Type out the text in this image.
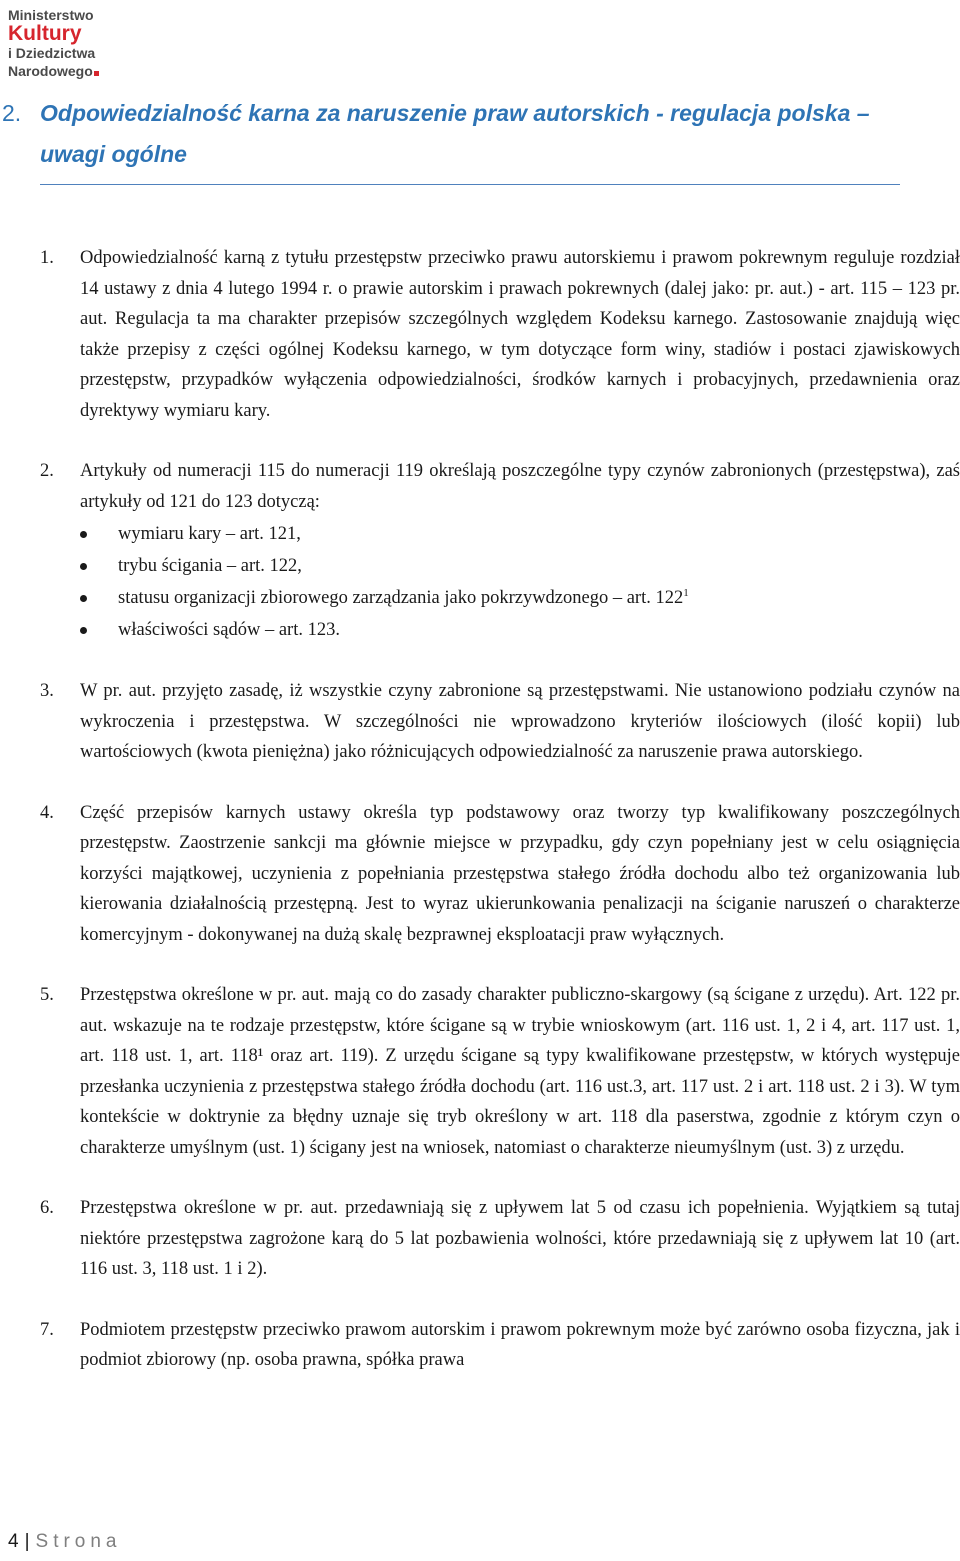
Ministerstwo
Kultury
i Dziedzictwa
Narodowego
2. Odpowiedzialność karna za naruszenie praw autorskich - regulacja polska – uwagi ogólne
1. Odpowiedzialność karną z tytułu przestępstw przeciwko prawu autorskiemu i prawom pokrewnym reguluje rozdział 14 ustawy z dnia 4 lutego 1994 r. o prawie autorskim i prawach pokrewnych (dalej jako: pr. aut.) - art. 115 – 123 pr. aut. Regulacja ta ma charakter przepisów szczególnych względem Kodeksu karnego. Zastosowanie znajdują więc także przepisy z części ogólnej Kodeksu karnego, w tym dotyczące form winy, stadiów i postaci zjawiskowych przestępstw, przypadków wyłączenia odpowiedzialności, środków karnych i probacyjnych, przedawnienia oraz dyrektywy wymiaru kary.

2. Artykuły od numeracji 115 do numeracji 119 określają poszczególne typy czynów zabronionych (przestępstwa), zaś artykuły od 121 do 123 dotyczą:

wymiaru kary – art. 121,
trybu ścigania – art. 122,
statusu organizacji zbiorowego zarządzania jako pokrzywdzonego – art. $122^1$
właściwości sądów – art. 123.
3. W pr. aut. przyjęto zasadę, iż wszystkie czyny zabronione są przestępstwami. Nie ustanowiono podziału czynów na wykroczenia i przestępstwa. W szczególności nie wprowadzono kryteriów ilościowych (ilość kopii) lub wartościowych (kwota pieniężna) jako różnicujących odpowiedzialność za naruszenie prawa autorskiego.

4. Część przepisów karnych ustawy określa typ podstawowy oraz tworzy typ kwalifikowany poszczególnych przestępstw. Zaostrzenie sankcji ma głównie miejsce w przypadku, gdy czyn popełniany jest w celu osiągnięcia korzyści majątkowej, uczynienia z popełniania przestępstwa stałego źródła dochodu albo też organizowania lub kierowania działalnością przestępną. Jest to wyraz ukierunkowania penalizacji na ściganie naruszeń o charakterze komercyjnym - dokonywanej na dużą skalę bezprawnej eksploatacji praw wyłącznych.

5. Przestępstwa określone w pr. aut. mają co do zasady charakter publiczno-skargowy (są ścigane z urzędu). Art. 122 pr. aut. wskazuje na te rodzaje przestępstw, które ścigane są w trybie wnioskowym (art. 116 ust. 1, 2 i 4, art. 117 ust. 1, art. 118 ust. 1, art. 118¹ oraz art. 119). Z urzędu ścigane są typy kwalifikowane przestępstw, w których występuje przesłanka uczynienia z przestępstwa stałego źródła dochodu (art. 116 ust.3, art. 117 ust. 2 i art. 118 ust. 2 i 3). W tym kontekście w doktrynie za błędny uznaje się tryb określony w art. 118 dla paserstwa, zgodnie z którym czyn o charakterze umyślnym (ust. 1) ścigany jest na wniosek, natomiast o charakterze nieumyślnym (ust. 3) z urzędu.

6. Przestępstwa określone w pr. aut. przedawniają się z upływem lat 5 od czasu ich popełnienia. Wyjątkiem są tutaj niektóre przestępstwa zagrożone karą do 5 lat pozbawienia wolności, które przedawniają się z upływem lat 10 (art. 116 ust. 3, 118 ust. 1 i 2).

7. Podmiotem przestępstw przeciwko prawom autorskim i prawom pokrewnym może być zarówno osoba fizyczna, jak i podmiot zbiorowy (np. osoba prawna, spółka prawa

4 | Strona
